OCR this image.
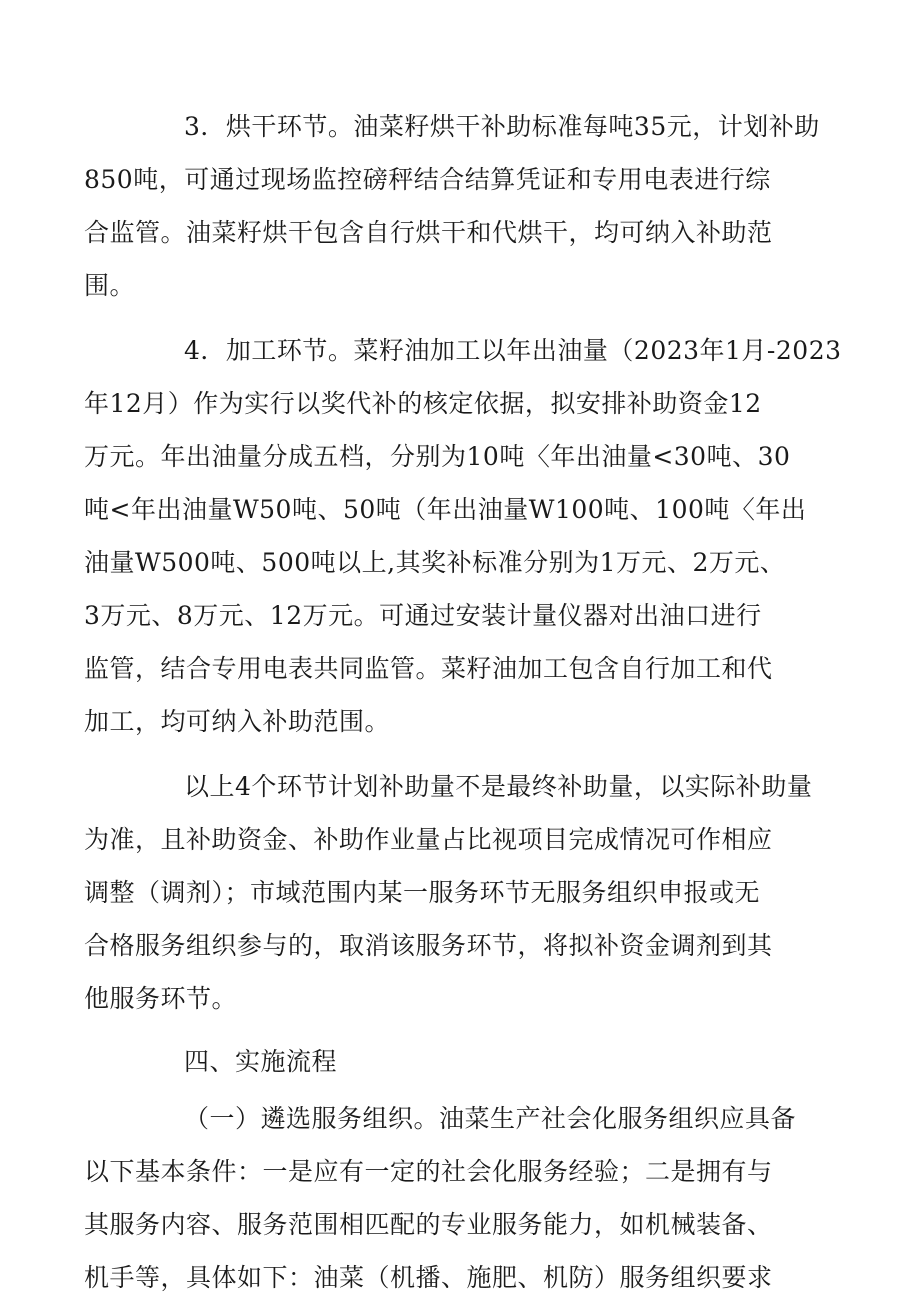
3．烘干环节。油菜籽烘干补助标准每吨35元，计划补助
850吨，可通过现场监控磅秤结合结算凭证和专用电表进行综
合监管。油菜籽烘干包含自行烘干和代烘干，均可纳入补助范
围。
4．加工环节。菜籽油加工以年出油量（2023年1月-2023
年12月）作为实行以奖代补的核定依据，拟安排补助资金12
万元。年出油量分成五档，分别为10吨〈年出油量<30吨、30
吨<年出油量W50吨、50吨（年出油量W100吨、100吨〈年出
油量W500吨、500吨以上,其奖补标准分别为1万元、2万元、
3万元、8万元、12万元。可通过安装计量仪器对出油口进行
监管，结合专用电表共同监管。菜籽油加工包含自行加工和代
加工，均可纳入补助范围。
以上4个环节计划补助量不是最终补助量，以实际补助量
为准，且补助资金、补助作业量占比视项目完成情况可作相应
调整（调剂）；市域范围内某一服务环节无服务组织申报或无
合格服务组织参与的，取消该服务环节，将拟补资金调剂到其
他服务环节。
四、实施流程
（一）遴选服务组织。油菜生产社会化服务组织应具备
以下基本条件：一是应有一定的社会化服务经验；二是拥有与
其服务内容、服务范围相匹配的专业服务能力，如机械装备、
机手等，具体如下：油菜（机播、施肥、机防）服务组织要求
